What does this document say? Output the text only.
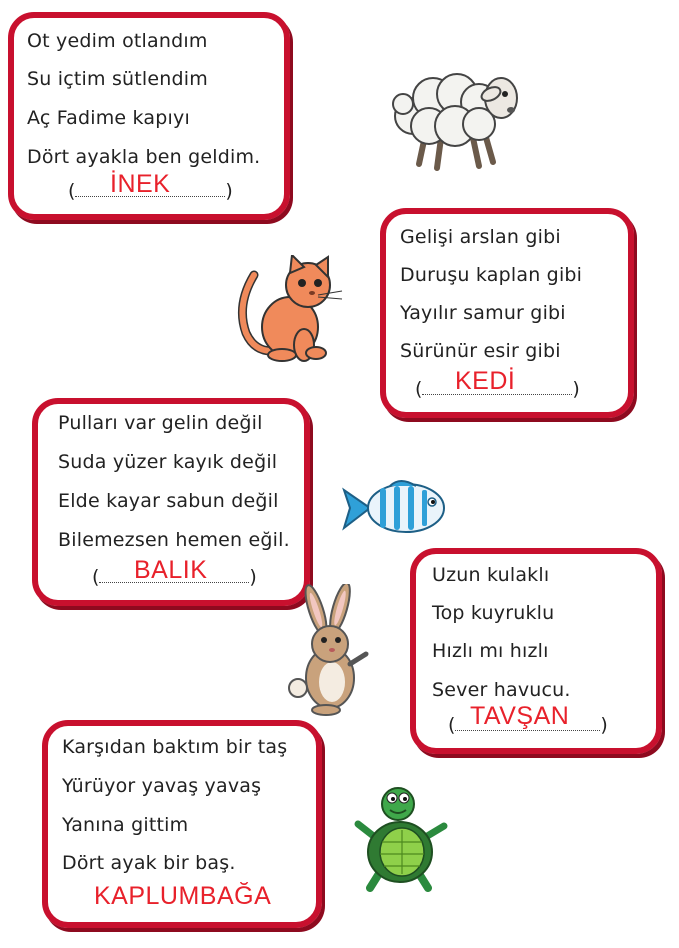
Ot yedim otlandım
Su içtim sütlendim
Aç Fadime kapıyı
Dört ayakla ben geldim.
(	)
İNEK
Gelişi arslan gibi
Duruşu kaplan gibi
Yayılır samur gibi
Sürünür esir gibi
(	)
KEDİ
Pulları var gelin değil
Suda yüzer kayık değil
Elde kayar sabun değil
Bilemezsen hemen eğil.
(	)
BALIK	Uzun kulaklı
Top kuyruklu
Hızlı mı hızlı
Sever havucu.
(	)
TAVŞAN
Karşıdan baktım bir taş
Yürüyor yavaş yavaş
Yanına gittim
Dört ayak bir baş.
KAPLUMBAĞA
